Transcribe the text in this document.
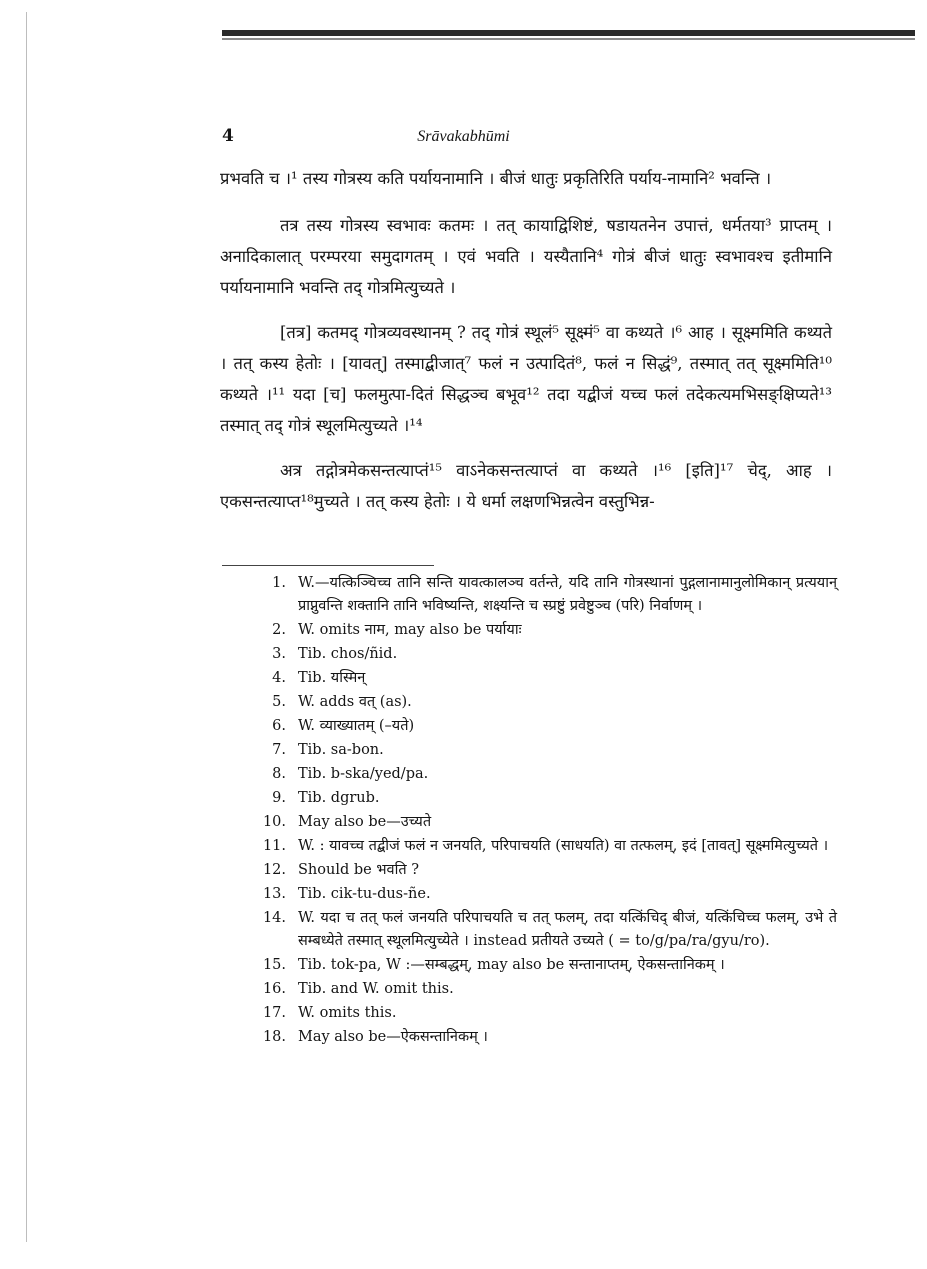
4	Srāvakabhūmi

प्रभवति च ।¹ तस्य गोत्रस्य कति पर्यायनामानि । बीजं धातुः प्रकृतिरिति पर्याय-नामानि² भवन्ति ।

तत्र तस्य गोत्रस्य स्वभावः कतमः । तत् कायाद्विशिष्टं, षडायतनेन उपात्तं, धर्मतया³ प्राप्तम् । अनादिकालात् परम्परया समुदागतम् । एवं भवति । यस्यैतानि⁴ गोत्रं बीजं धातुः स्वभावश्च इतीमानि पर्यायनामानि भवन्ति तद् गोत्रमित्युच्यते ।

[तत्र] कतमद् गोत्रव्यवस्थानम् ? तद् गोत्रं स्थूलं⁵ सूक्ष्मं⁵ वा कथ्यते ।⁶ आह । सूक्ष्ममिति कथ्यते । तत् कस्य हेतोः । [यावत्] तस्माद्बीजात्⁷ फलं न उत्पादितं⁸, फलं न सिद्धं⁹, तस्मात् तत् सूक्ष्ममिति¹⁰ कथ्यते ।¹¹ यदा [च] फलमुत्पा-दितं सिद्धञ्च बभूव¹² तदा यद्बीजं यच्च फलं तदेकत्यमभिसङ्क्षिप्यते¹³ तस्मात् तद् गोत्रं स्थूलमित्युच्यते ।¹⁴

अत्र तद्गोत्रमेकसन्तत्याप्तं¹⁵ वाऽनेकसन्तत्याप्तं वा कथ्यते ।¹⁶ [इति]¹⁷ चेद्, आह । एकसन्तत्याप्त¹⁸मुच्यते । तत् कस्य हेतोः । ये धर्मा लक्षणभिन्नत्वेन वस्तुभिन्न-

1. W.—यत्किञ्चिच्च तानि सन्ति यावत्कालञ्च वर्तन्ते, यदि तानि गोत्रस्थानां पुद्गलानामानुलोमिकान् प्रत्ययान् प्राप्नुवन्ति शक्तानि तानि भविष्यन्ति, शक्ष्यन्ति च स्प्रष्टुं प्रवेष्टुञ्च (परि) निर्वाणम् ।
2. W. omits नाम, may also be पर्यायाः
3. Tib. chos/ñid.
4. Tib. यस्मिन्
5. W. adds वत् (as).
6. W. व्याख्यातम् (–यते)
7. Tib. sa-bon.
8. Tib. b-ska/yed/pa.
9. Tib. dgrub.
10. May also be—उच्यते
11. W. : यावच्च तद्बीजं फलं न जनयति, परिपाचयति (साधयति) वा तत्फलम्, इदं [तावत्] सूक्ष्ममित्युच्यते ।
12. Should be भवति ?
13. Tib. cik-tu-dus-ñe.
14. W. यदा च तत् फलं जनयति परिपाचयति च तत् फलम्, तदा यत्किंचिद् बीजं, यत्किंचिच्च फलम्, उभे ते सम्बध्येते तस्मात् स्थूलमित्युच्येते । instead प्रतीयते उच्यते ( = to/g/pa/ra/gyu/ro).
15. Tib. tok-pa, W :—सम्बद्धम्, may also be सन्तानाप्तम्, ऐकसन्तानिकम् ।
16. Tib. and W. omit this.
17. W. omits this.
18. May also be—ऐकसन्तानिकम् ।
